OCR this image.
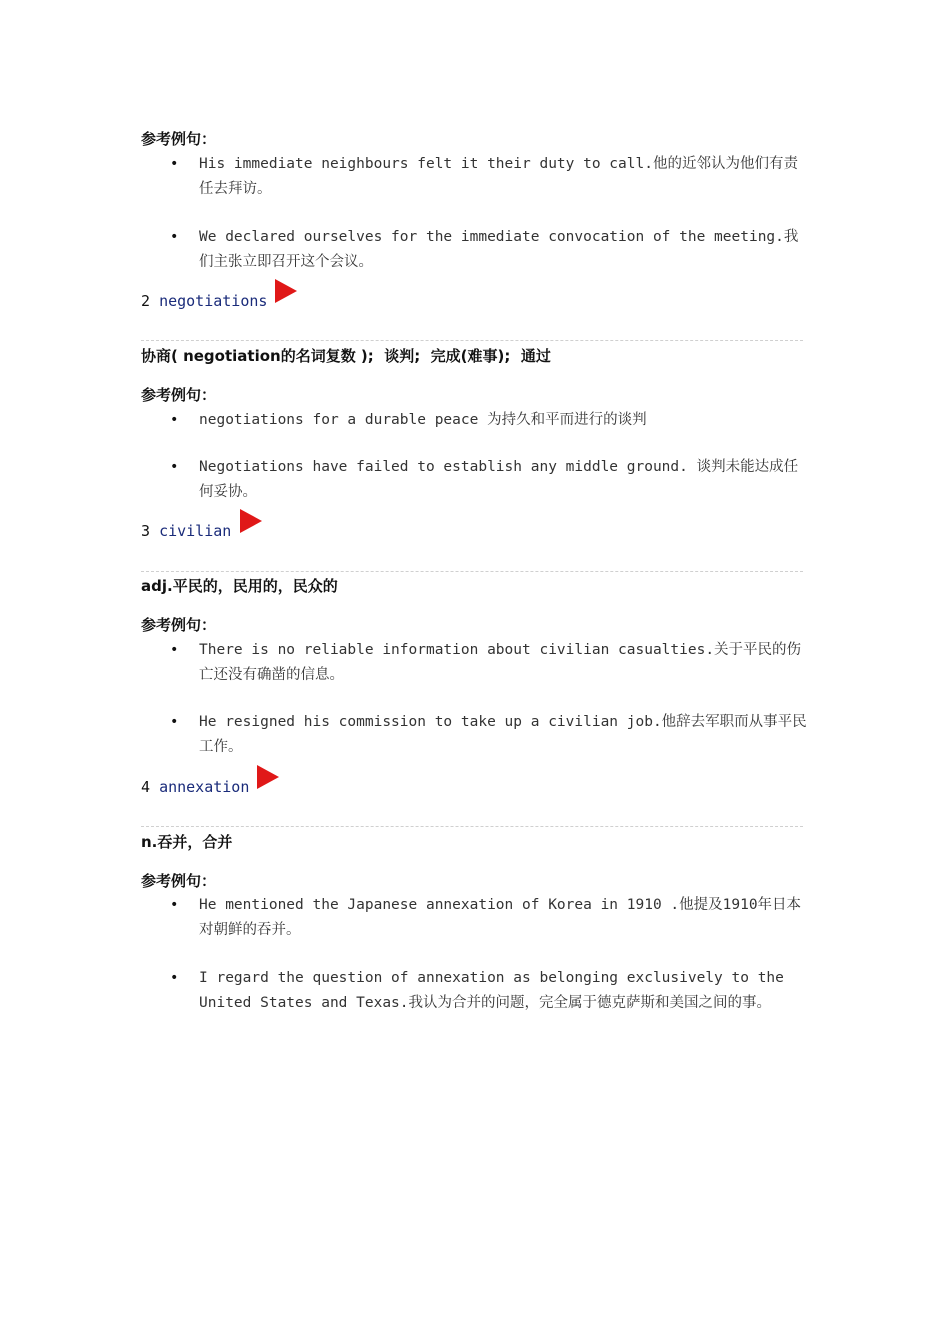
参考例句：
• His immediate neighbours felt it their duty to call.他的近邻认为他们有责任去拜访。
• We declared ourselves for the immediate convocation of the meeting.我们主张立即召开这个会议。
2 negotiations
协商( negotiation的名词复数 );  谈判;  完成(难事);  通过
参考例句：
• negotiations for a durable peace 为持久和平而进行的谈判
• Negotiations have failed to establish any middle ground. 谈判未能达成任何妥协。
3 civilian
adj.平民的，民用的，民众的
参考例句：
• There is no reliable information about civilian casualties.关于平民的伤亡还没有确凿的信息。
• He resigned his commission to take up a civilian job.他辞去军职而从事平民工作。
4 annexation
n.吞并，合并
参考例句：
• He mentioned the Japanese annexation of Korea in 1910 .他提及1910年日本对朝鲜的吞并。
• I regard the question of annexation as belonging exclusively to the United States and Texas.我认为合并的问题，完全属于德克萨斯和美国之间的事。
